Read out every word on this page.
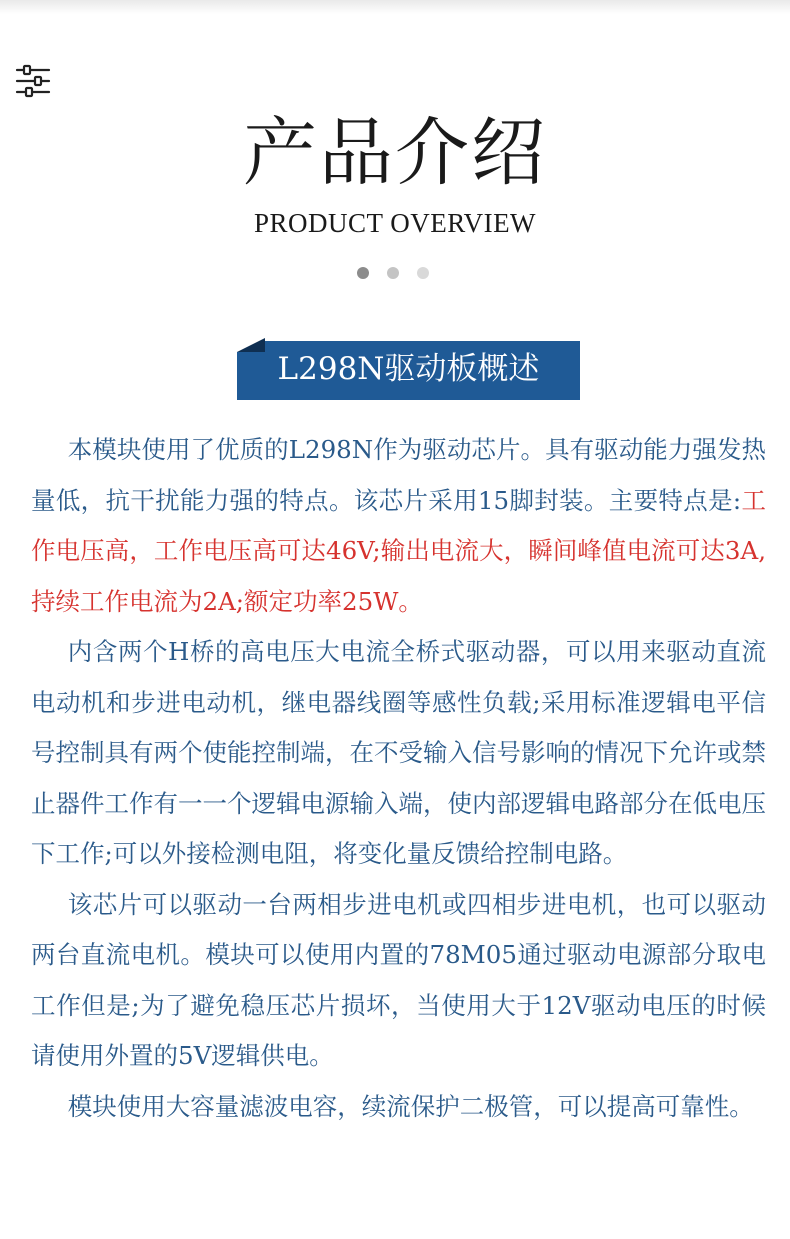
产品介绍
PRODUCT OVERVIEW
L298N驱动板概述

本模块使用了优质的L298N作为驱动芯片。具有驱动能力强发热量低，抗干扰能力强的特点。该芯片采用15脚封装。主要特点是:工作电压高，工作电压高可达46V;输出电流大，瞬间峰值电流可达3A,持续工作电流为2A;额定功率25W。

内含两个H桥的高电压大电流全桥式驱动器，可以用来驱动直流电动机和步进电动机，继电器线圈等感性负载;采用标准逻辑电平信号控制具有两个使能控制端，在不受输入信号影响的情况下允许或禁止器件工作有一一个逻辑电源输入端，使内部逻辑电路部分在低电压下工作;可以外接检测电阻，将变化量反馈给控制电路。

该芯片可以驱动一台两相步进电机或四相步进电机，也可以驱动两台直流电机。模块可以使用内置的78M05通过驱动电源部分取电工作但是;为了避免稳压芯片损坏，当使用大于12V驱动电压的时候请使用外置的5V逻辑供电。

模块使用大容量滤波电容，续流保护二极管，可以提高可靠性。
